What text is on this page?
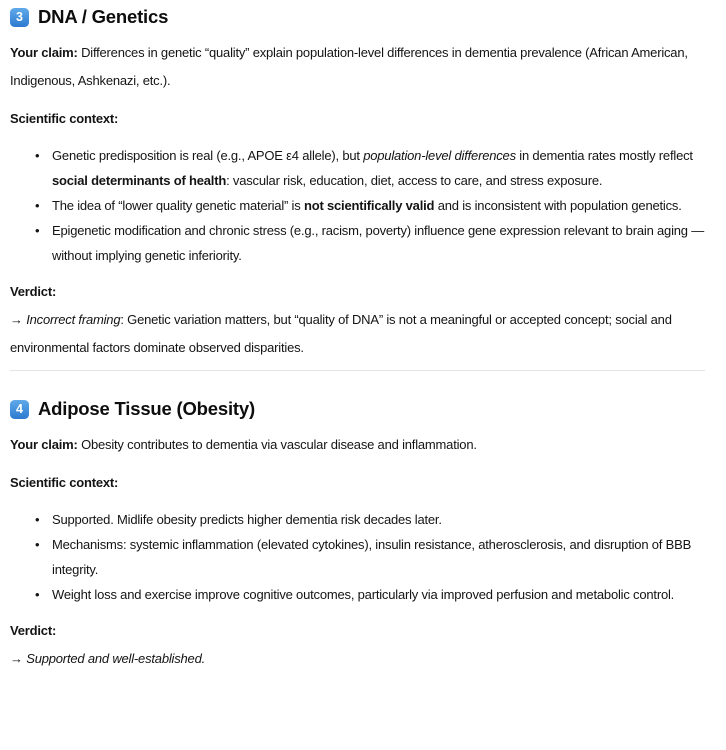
3 DNA / Genetics

Your claim: Differences in genetic “quality” explain population-level differences in dementia prevalence (African American, Indigenous, Ashkenazi, etc.).

Scientific context:

• Genetic predisposition is real (e.g., APOE ε4 allele), but population-level differences in dementia rates mostly reflect social determinants of health: vascular risk, education, diet, access to care, and stress exposure.
• The idea of “lower quality genetic material” is not scientifically valid and is inconsistent with population genetics.
• Epigenetic modification and chronic stress (e.g., racism, poverty) influence gene expression relevant to brain aging — without implying genetic inferiority.

Verdict:
→ Incorrect framing: Genetic variation matters, but “quality of DNA” is not a meaningful or accepted concept; social and environmental factors dominate observed disparities.

4 Adipose Tissue (Obesity)

Your claim: Obesity contributes to dementia via vascular disease and inflammation.

Scientific context:

• Supported. Midlife obesity predicts higher dementia risk decades later.
• Mechanisms: systemic inflammation (elevated cytokines), insulin resistance, atherosclerosis, and disruption of BBB integrity.
• Weight loss and exercise improve cognitive outcomes, particularly via improved perfusion and metabolic control.

Verdict:
→ Supported and well-established.
